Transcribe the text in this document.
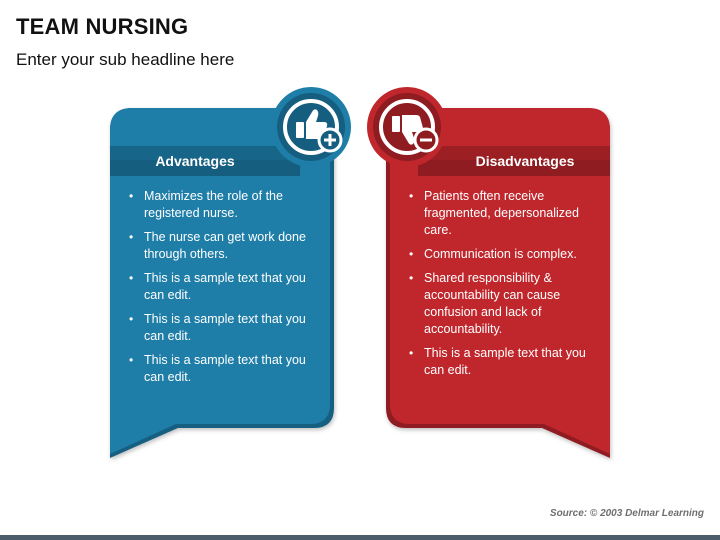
TEAM NURSING

Enter your sub headline here

Advantages	Disadvantages
• Maximizes the role of the registered nurse.
• The nurse can get work done through others.
• This is a sample text that you can edit.
• This is a sample text that you can edit.
• This is a sample text that you can edit.
• Patients often receive fragmented, depersonalized care.
• Communication is complex.
• Shared responsibility & accountability can cause confusion and lack of accountability.
• This is a sample text that you can edit.
Source: © 2003 Delmar Learning
